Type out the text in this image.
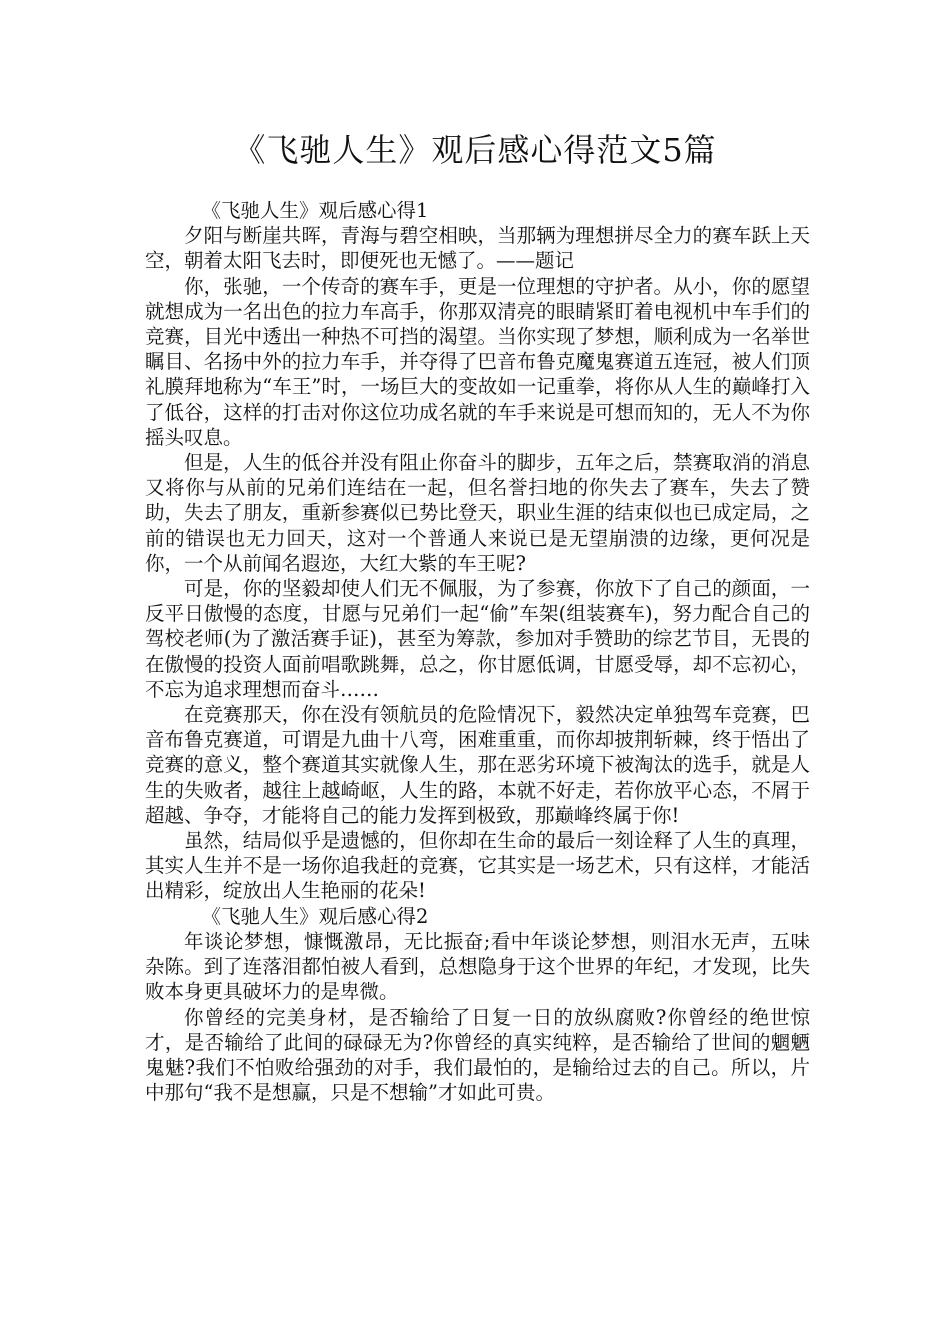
《飞驰人生》观后感心得范文5篇

《飞驰人生》观后感心得1

夕阳与断崖共晖，青海与碧空相映，当那辆为理想拼尽全力的赛车跃上天空，朝着太阳飞去时，即便死也无憾了。——题记

你，张驰，一个传奇的赛车手，更是一位理想的守护者。从小，你的愿望就想成为一名出色的拉力车高手，你那双清亮的眼睛紧盯着电视机中车手们的竞赛，目光中透出一种热不可挡的渴望。当你实现了梦想，顺利成为一名举世瞩目、名扬中外的拉力车手，并夺得了巴音布鲁克魔鬼赛道五连冠，被人们顶礼膜拜地称为“车王”时，一场巨大的变故如一记重拳，将你从人生的巅峰打入了低谷，这样的打击对你这位功成名就的车手来说是可想而知的，无人不为你摇头叹息。

但是，人生的低谷并没有阻止你奋斗的脚步，五年之后，禁赛取消的消息又将你与从前的兄弟们连结在一起，但名誉扫地的你失去了赛车，失去了赞助，失去了朋友，重新参赛似已势比登天，职业生涯的结束似也已成定局，之前的错误也无力回天，这对一个普通人来说已是无望崩溃的边缘，更何况是你，一个从前闻名遐迩，大红大紫的车王呢?

可是，你的坚毅却使人们无不佩服，为了参赛，你放下了自己的颜面，一反平日傲慢的态度，甘愿与兄弟们一起“偷”车架(组装赛车)，努力配合自己的驾校老师(为了激活赛手证)，甚至为筹款，参加对手赞助的综艺节目，无畏的在傲慢的投资人面前唱歌跳舞，总之，你甘愿低调，甘愿受辱，却不忘初心，不忘为追求理想而奋斗……

在竞赛那天，你在没有领航员的危险情况下，毅然决定单独驾车竞赛，巴音布鲁克赛道，可谓是九曲十八弯，困难重重，而你却披荆斩棘，终于悟出了竞赛的意义，整个赛道其实就像人生，那在恶劣环境下被淘汰的选手，就是人生的失败者，越往上越崎岖，人生的路，本就不好走，若你放平心态，不屑于超越、争夺，才能将自己的能力发挥到极致，那巅峰终属于你!

虽然，结局似乎是遗憾的，但你却在生命的最后一刻诠释了人生的真理，其实人生并不是一场你追我赶的竞赛，它其实是一场艺术，只有这样，才能活出精彩，绽放出人生艳丽的花朵!

《飞驰人生》观后感心得2

年谈论梦想，慷慨激昂，无比振奋;看中年谈论梦想，则泪水无声，五味杂陈。到了连落泪都怕被人看到，总想隐身于这个世界的年纪，才发现，比失败本身更具破坏力的是卑微。

你曾经的完美身材，是否输给了日复一日的放纵腐败?你曾经的绝世惊才，是否输给了此间的碌碌无为?你曾经的真实纯粹，是否输给了世间的魍魉鬼魅?我们不怕败给强劲的对手，我们最怕的，是输给过去的自己。所以，片中那句“我不是想赢，只是不想输”才如此可贵。
